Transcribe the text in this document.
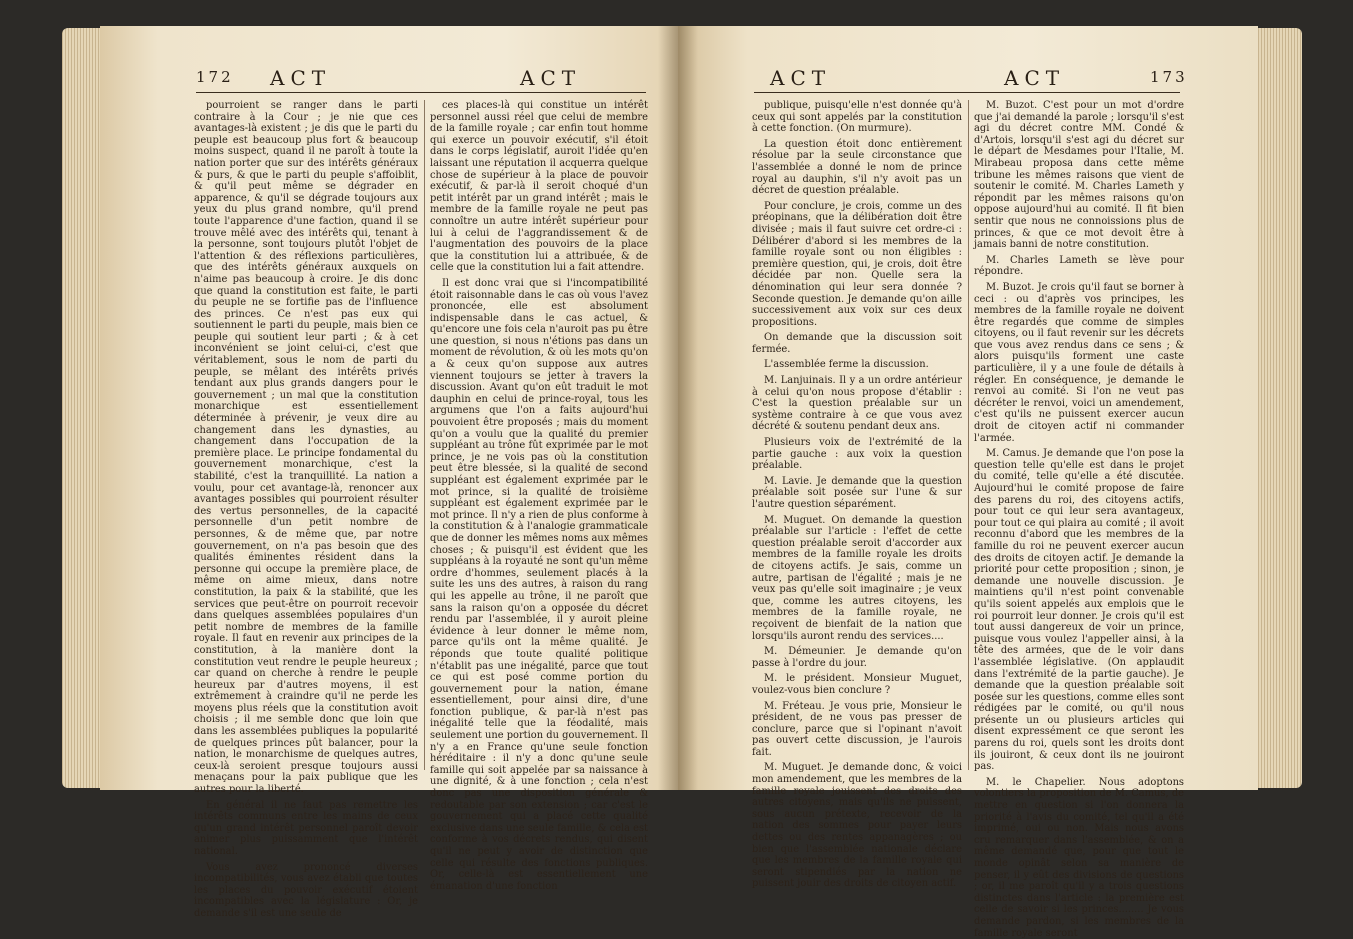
172 ACT	ACT

pourroient se ranger dans le parti contraire à la Cour ; je nie que ces avantages-là existent ; je dis que le parti du peuple est beaucoup plus fort & beaucoup moins suspect, quand il ne paroît à toute la nation porter que sur des intérêts généraux & purs, & que le parti du peuple s'affoiblit, & qu'il peut même se dégrader en apparence, & qu'il se dégrade toujours aux yeux du plus grand nombre, qu'il prend toute l'apparence d'une faction, quand il se trouve mêlé avec des intérêts qui, tenant à la personne, sont toujours plutôt l'objet de l'attention & des réflexions particulières, que des intérêts généraux auxquels on n'aime pas beaucoup à croire. Je dis donc que quand la constitution est faite, le parti du peuple ne se fortifie pas de l'influence des princes. Ce n'est pas eux qui soutiennent le parti du peuple, mais bien ce peuple qui soutient leur parti ; & à cet inconvénient se joint celui-ci, c'est que véritablement, sous le nom de parti du peuple, se mêlant des intérêts privés tendant aux plus grands dangers pour le gouvernement ; un mal que la constitution monarchique est essentiellement déterminée à prévenir, je veux dire au changement dans les dynasties, au changement dans l'occupation de la première place. Le principe fondamental du gouvernement monarchique, c'est la stabilité, c'est la tranquillité. La nation a voulu, pour cet avantage-là, renoncer aux avantages possibles qui pourroient résulter des vertus personnelles, de la capacité personnelle d'un petit nombre de personnes, & de même que, par notre gouvernement, on n'a pas besoin que des qualités éminentes résident dans la personne qui occupe la première place, de même on aime mieux, dans notre constitution, la paix & la stabilité, que les services que peut-être on pourroit recevoir dans quelques assemblées populaires d'un petit nombre de membres de la famille royale. Il faut en revenir aux principes de la constitution, à la manière dont la constitution veut rendre le peuple heureux ; car quand on cherche à rendre le peuple heureux par d'autres moyens, il est extrêmement à craindre qu'il ne perde les moyens plus réels que la constitution avoit choisis ; il me semble donc que loin que dans les assemblées publiques la popularité de quelques princes pût balancer, pour la nation, le monarchisme de quelques autres, ceux-là seroient presque toujours aussi menaçans pour la paix publique que les autres pour la liberté.

En général il ne faut pas remettre les intérêts communs entre les mains de ceux qu'un grand intérêt personnel paroît devoir animer plus puissamment que l'intérêt national.

Vous avez prononcé diverses incompatibilités, vous avez établi que toutes les places du pouvoir exécutif étoient incompatibles avec la législature : Or, je demande s'il est une seule de

ces places-là qui constitue un intérêt personnel aussi réel que celui de membre de la famille royale ; car enfin tout homme qui exerce un pouvoir exécutif, s'il étoit dans le corps législatif, auroit l'idée qu'en laissant une réputation il acquerra quelque chose de supérieur à la place de pouvoir exécutif, & par-là il seroit choqué d'un petit intérêt par un grand intérêt ; mais le membre de la famille royale ne peut pas connoître un autre intérêt supérieur pour lui à celui de l'aggrandissement & de l'augmentation des pouvoirs de la place que la constitution lui a attribuée, & de celle que la constitution lui a fait attendre.

Il est donc vrai que si l'incompatibilité étoit raisonnable dans le cas où vous l'avez prononcée, elle est absolument indispensable dans le cas actuel, & qu'encore une fois cela n'auroit pas pu être une question, si nous n'étions pas dans un moment de révolution, & où les mots qu'on a & ceux qu'on suppose aux autres viennent toujours se jetter à travers la discussion. Avant qu'on eût traduit le mot dauphin en celui de prince-royal, tous les argumens que l'on a faits aujourd'hui pouvoient être proposés ; mais du moment qu'on a voulu que la qualité du premier suppléant au trône fût exprimée par le mot prince, je ne vois pas où la constitution peut être blessée, si la qualité de second suppléant est également exprimée par le mot prince, si la qualité de troisième suppléant est également exprimée par le mot prince. Il n'y a rien de plus conforme à la constitution & à l'analogie grammaticale que de donner les mêmes noms aux mêmes choses ; & puisqu'il est évident que les suppléans à la royauté ne sont qu'un même ordre d'hommes, seulement placés à la suite les uns des autres, à raison du rang qui les appelle au trône, il ne paroît que sans la raison qu'on a opposée du décret rendu par l'assemblée, il y auroit pleine évidence à leur donner le même nom, parce qu'ils ont la même qualité. Je réponds que toute qualité politique n'établit pas une inégalité, parce que tout ce qui est posé comme portion du gouvernement pour la nation, émane essentiellement, pour ainsi dire, d'une fonction publique, & par-là n'est pas inégalité telle que la féodalité, mais seulement une portion du gouvernement. Il n'y a en France qu'une seule fonction héréditaire : il n'y a donc qu'une seule famille qui soit appelée par sa naissance à une dignité, & à une fonction ; cela n'est donc pas une disposition générale & redoutable par son extension ; car c'est le gouvernement qui a placé cette qualité exclusive dans une seule famille, & cela est conforme à vos décrets rendus, qui disent qu'il ne peut y avoir de distinction que celle qui résulte des fonctions publiques. Or, celle-là est essentiellement une émanation d'une fonction

ACT	ACT	173

publique, puisqu'elle n'est donnée qu'à ceux qui sont appelés par la constitution à cette fonction. (On murmure).

La question étoit donc entièrement résolue par la seule circonstance que l'assemblée a donné le nom de prince royal au dauphin, s'il n'y avoit pas un décret de question préalable.

Pour conclure, je crois, comme un des préopinans, que la délibération doit être divisée ; mais il faut suivre cet ordre-ci : Délibérer d'abord si les membres de la famille royale sont ou non éligibles : première question, qui, je crois, doit être décidée par non. Quelle sera la dénomination qui leur sera donnée ? Seconde question. Je demande qu'on aille successivement aux voix sur ces deux propositions.

On demande que la discussion soit fermée.

L'assemblée ferme la discussion.

M. Lanjuinais. Il y a un ordre antérieur à celui qu'on nous propose d'établir : C'est la question préalable sur un système contraire à ce que vous avez décrété & soutenu pendant deux ans.

Plusieurs voix de l'extrémité de la partie gauche : aux voix la question préalable.

M. Lavie. Je demande que la question préalable soit posée sur l'une & sur l'autre question séparément.

M. Muguet. On demande la question préalable sur l'article : l'effet de cette question préalable seroit d'accorder aux membres de la famille royale les droits de citoyens actifs. Je sais, comme un autre, partisan de l'égalité ; mais je ne veux pas qu'elle soit imaginaire ; je veux que, comme les autres citoyens, les membres de la famille royale, ne reçoivent de bienfait de la nation que lorsqu'ils auront rendu des services....

M. Démeunier. Je demande qu'on passe à l'ordre du jour.

M. le président. Monsieur Muguet, voulez-vous bien conclure ?

M. Fréteau. Je vous prie, Monsieur le président, de ne vous pas presser de conclure, parce que si l'opinant n'avoit pas ouvert cette discussion, je l'aurois fait.

M. Muguet. Je demande donc, & voici mon amendement, que les membres de la famille royale jouissent des droits des autres citoyens, mais qu'ils ne puissent, sous aucun prétexte, recevoir de la nation des sommes pour payer leurs dettes ou des rentes appanagères ; ou bien que l'assemblée nationale déclare que les membres de la famille royale qui seront stipendiés par la nation ne puissent jouir des droits de citoyen actif.

M. Buzot. C'est pour un mot d'ordre que j'ai demandé la parole ; lorsqu'il s'est agi du décret contre MM. Condé & d'Artois, lorsqu'il s'est agi du décret sur le départ de Mesdames pour l'Italie, M. Mirabeau proposa dans cette même tribune les mêmes raisons que vient de soutenir le comité. M. Charles Lameth y répondit par les mêmes raisons qu'on oppose aujourd'hui au comité. Il fit bien sentir que nous ne connoissions plus de princes, & que ce mot devoit être à jamais banni de notre constitution.

M. Charles Lameth se lève pour répondre.

M. Buzot. Je crois qu'il faut se borner à ceci : ou d'après vos principes, les membres de la famille royale ne doivent être regardés que comme de simples citoyens, ou il faut revenir sur les décrets que vous avez rendus dans ce sens ; & alors puisqu'ils forment une caste particulière, il y a une foule de détails à régler. En conséquence, je demande le renvoi au comité. Si l'on ne veut pas décréter le renvoi, voici un amendement, c'est qu'ils ne puissent exercer aucun droit de citoyen actif ni commander l'armée.

M. Camus. Je demande que l'on pose la question telle qu'elle est dans le projet du comité, telle qu'elle a été discutée. Aujourd'hui le comité propose de faire des parens du roi, des citoyens actifs, pour tout ce qui leur sera avantageux, pour tout ce qui plaira au comité ; il avoit reconnu d'abord que les membres de la famille du roi ne peuvent exercer aucun des droits de citoyen actif. Je demande la priorité pour cette proposition ; sinon, je demande une nouvelle discussion. Je maintiens qu'il n'est point convenable qu'ils soient appelés aux emplois que le roi pourroit leur donner. Je crois qu'il est tout aussi dangereux de voir un prince, puisque vous voulez l'appeller ainsi, à la tête des armées, que de le voir dans l'assemblée législative. (On applaudit dans l'extrémité de la partie gauche). Je demande que la question préalable soit posée sur les questions, comme elles sont rédigées par le comité, ou qu'il nous présente un ou plusieurs articles qui disent expressément ce que seront les parens du roi, quels sont les droits dont ils jouiront, & ceux dont ils ne jouiront pas.

M. le Chapelier. Nous adoptons volontiers la proposition de M. Camus, de mettre en question si l'on donnera la priorité à l'avis du comité, tel qu'il a été imprimé, oui ou non. Mais nous avons cru remarquer dans l'assemblée, & on a même demandé que, pour que tout le monde opinât selon sa manière de penser, il y eût des divisions de questions ; or, il me paroît qu'il y a trois questions distinctes dans l'article : la première est celle de savoir si les princes........ Je vous demande pardon, si les membres de la famille royale seront
